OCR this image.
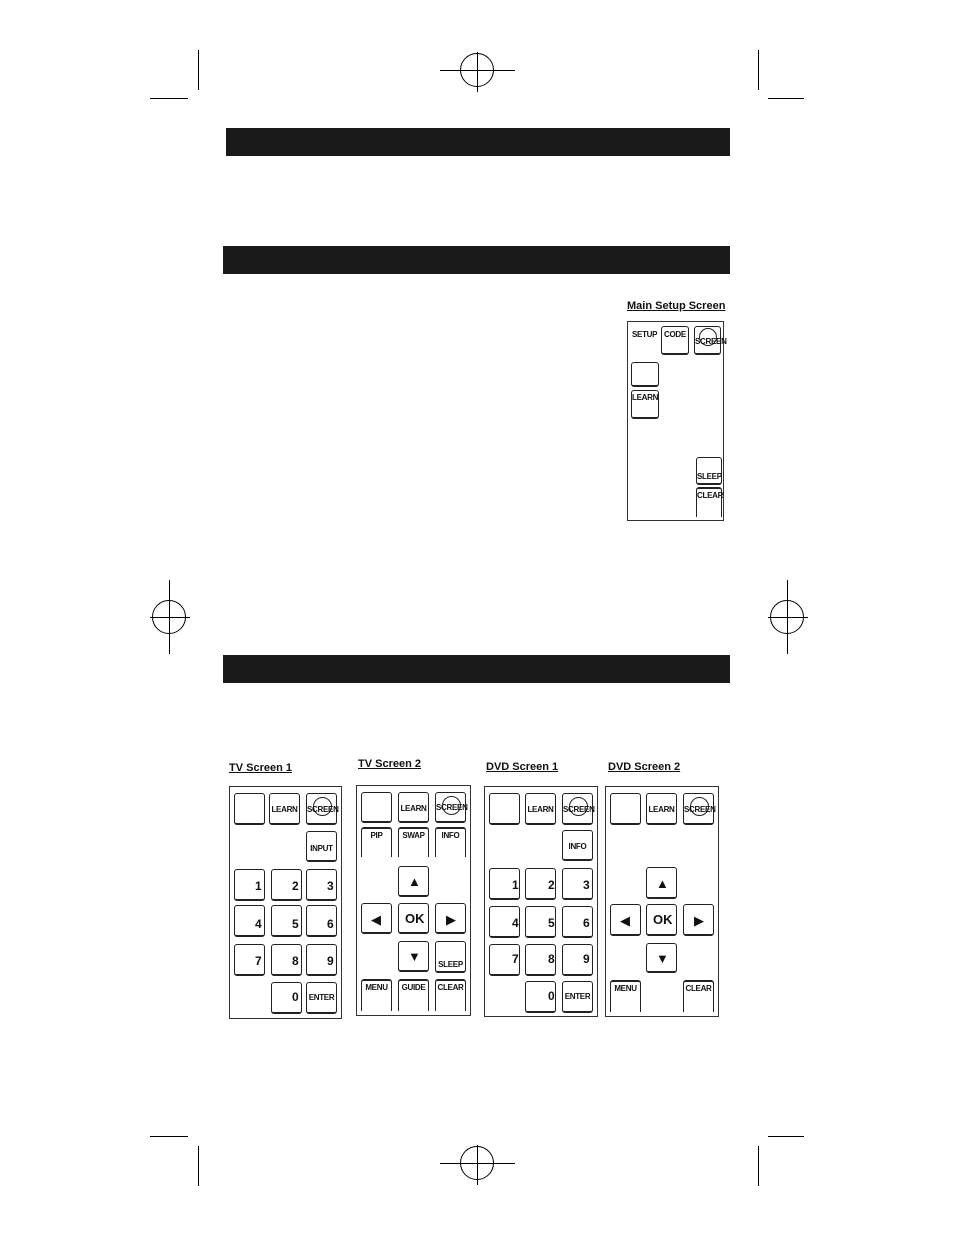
Main Setup Screen
SETUP CODE
SCREEN
LEARN
SLEEP
CLEAR
TV Screen 1
LEARN SCREEN
INPUT
1	2 3
4	5 6
7	8 9
0 ENTER
TV Screen 2
LEARN SCREEN
PIP	SWAP	INFO
▲
◀ OK ▶
▼
SLEEP
MENU	GUIDE	CLEAR
DVD Screen 1
LEARN SCREEN
INFO
1 2 3
4 5 6
7 8 9
0 ENTER
DVD Screen 2
LEARN SCREEN
▲
◀ OK ▶
▼
MENU	CLEAR
